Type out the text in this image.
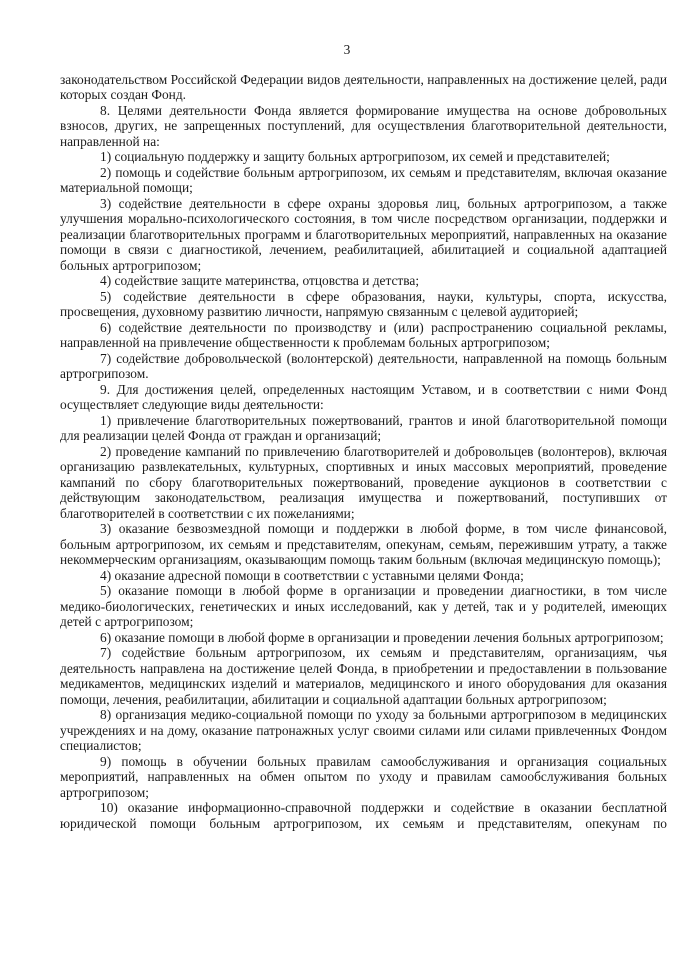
3

законодательством Российской Федерации видов деятельности, направленных на достижение целей, ради которых создан Фонд.

8. Целями деятельности Фонда является формирование имущества на основе добровольных взносов, других, не запрещенных поступлений, для осуществления благотворительной деятельности, направленной на:

1) социальную поддержку и защиту больных артрогрипозом, их семей и представителей;

2) помощь и содействие больным артрогрипозом, их семьям и представителям, включая оказание материальной помощи;

3) содействие деятельности в сфере охраны здоровья лиц, больных артрогрипозом, а также улучшения морально-психологического состояния, в том числе посредством организации, поддержки и реализации благотворительных программ и благотворительных мероприятий, направленных на оказание помощи в связи с диагностикой, лечением, реабилитацией, абилитацией и социальной адаптацией больных артрогрипозом;

4) содействие защите материнства, отцовства и детства;

5) содействие деятельности в сфере образования, науки, культуры, спорта, искусства, просвещения, духовному развитию личности, напрямую связанным с целевой аудиторией;

6) содействие деятельности по производству и (или) распространению социальной рекламы, направленной на привлечение общественности к проблемам больных артрогрипозом;

7) содействие добровольческой (волонтерской) деятельности, направленной на помощь больным артрогрипозом.

9. Для достижения целей, определенных настоящим Уставом, и в соответствии с ними Фонд осуществляет следующие виды деятельности:

1) привлечение благотворительных пожертвований, грантов и иной благотворительной помощи для реализации целей Фонда от граждан и организаций;

2) проведение кампаний по привлечению благотворителей и добровольцев (волонтеров), включая организацию развлекательных, культурных, спортивных и иных массовых мероприятий, проведение кампаний по сбору благотворительных пожертвований, проведение аукционов в соответствии с действующим законодательством, реализация имущества и пожертвований, поступивших от благотворителей в соответствии с их пожеланиями;

3) оказание безвозмездной помощи и поддержки в любой форме, в том числе финансовой, больным артрогрипозом, их семьям и представителям, опекунам, семьям, пережившим утрату, а также некоммерческим организациям, оказывающим помощь таким больным (включая медицинскую помощь);

4) оказание адресной помощи в соответствии с уставными целями Фонда;

5) оказание помощи в любой форме в организации и проведении диагностики, в том числе медико-биологических, генетических и иных исследований, как у детей, так и у родителей, имеющих детей с артрогрипозом;

6) оказание помощи в любой форме в организации и проведении лечения больных артрогрипозом;

7) содействие больным артрогрипозом, их семьям и представителям, организациям, чья деятельность направлена на достижение целей Фонда, в приобретении и предоставлении в пользование медикаментов, медицинских изделий и материалов, медицинского и иного оборудования для оказания помощи, лечения, реабилитации, абилитации и социальной адаптации больных артрогрипозом;

8) организация медико-социальной помощи по уходу за больными артрогрипозом в медицинских учреждениях и на дому, оказание патронажных услуг своими силами или силами привлеченных Фондом специалистов;

9) помощь в обучении больных правилам самообслуживания и организация социальных мероприятий, направленных на обмен опытом по уходу и правилам самообслуживания больных артрогрипозом;

10) оказание информационно-справочной поддержки и содействие в оказании бесплатной юридической помощи больным артрогрипозом, их семьям и представителям, опекунам по
